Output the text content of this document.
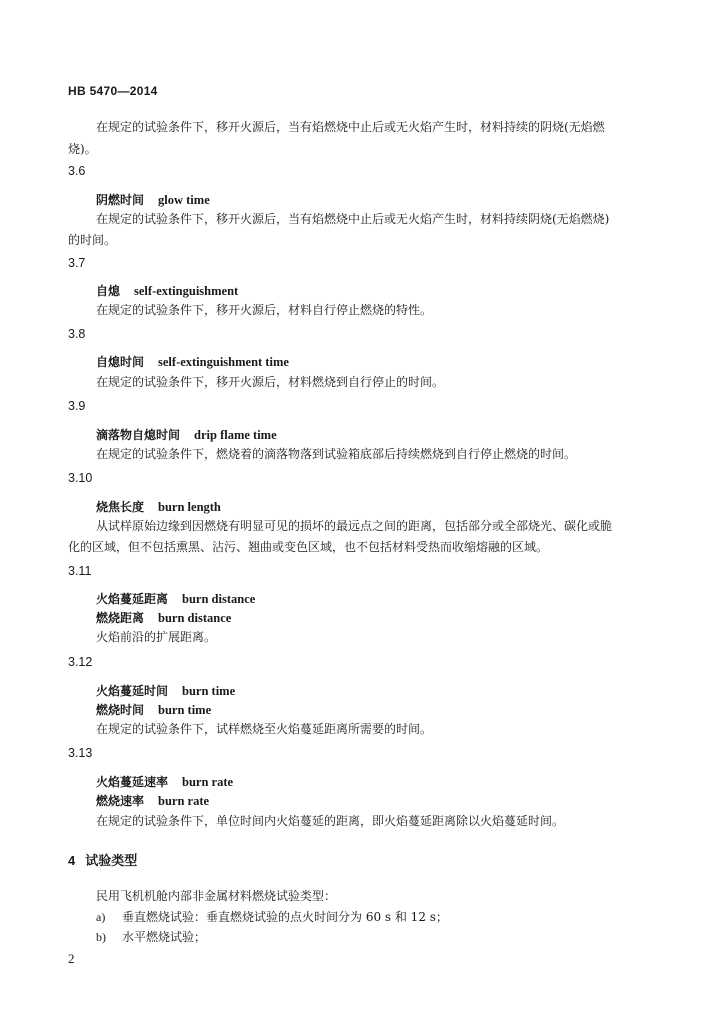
HB 5470—2014
在规定的试验条件下，移开火源后，当有焰燃烧中止后或无火焰产生时，材料持续的阴烧(无焰燃
烧)。
3.6
阴燃时间 glow time
在规定的试验条件下，移开火源后，当有焰燃烧中止后或无火焰产生时，材料持续阴烧(无焰燃烧)
的时间。
3.7
自熄 self-extinguishment
在规定的试验条件下，移开火源后，材料自行停止燃烧的特性。
3.8
自熄时间 self-extinguishment time
在规定的试验条件下，移开火源后，材料燃烧到自行停止的时间。
3.9
滴落物自熄时间 drip flame time
在规定的试验条件下，燃烧着的滴落物落到试验箱底部后持续燃烧到自行停止燃烧的时间。
3.10
烧焦长度 burn length
从试样原始边缘到因燃烧有明显可见的损坏的最远点之间的距离，包括部分或全部烧光、碳化或脆
化的区域，但不包括熏黑、沾污、翘曲或变色区域，也不包括材料受热而收缩熔融的区域。
3.11
火焰蔓延距离 burn distance
燃烧距离 burn distance
火焰前沿的扩展距离。
3.12
火焰蔓延时间 burn time
燃烧时间 burn time
在规定的试验条件下，试样燃烧至火焰蔓延距离所需要的时间。
3.13
火焰蔓延速率 burn rate
燃烧速率 burn rate
在规定的试验条件下，单位时间内火焰蔓延的距离，即火焰蔓延距离除以火焰蔓延时间。
4 试验类型
民用飞机机舱内部非金属材料燃烧试验类型：
a) 垂直燃烧试验：垂直燃烧试验的点火时间分为 60 s 和 12 s；
b) 水平燃烧试验；
2
